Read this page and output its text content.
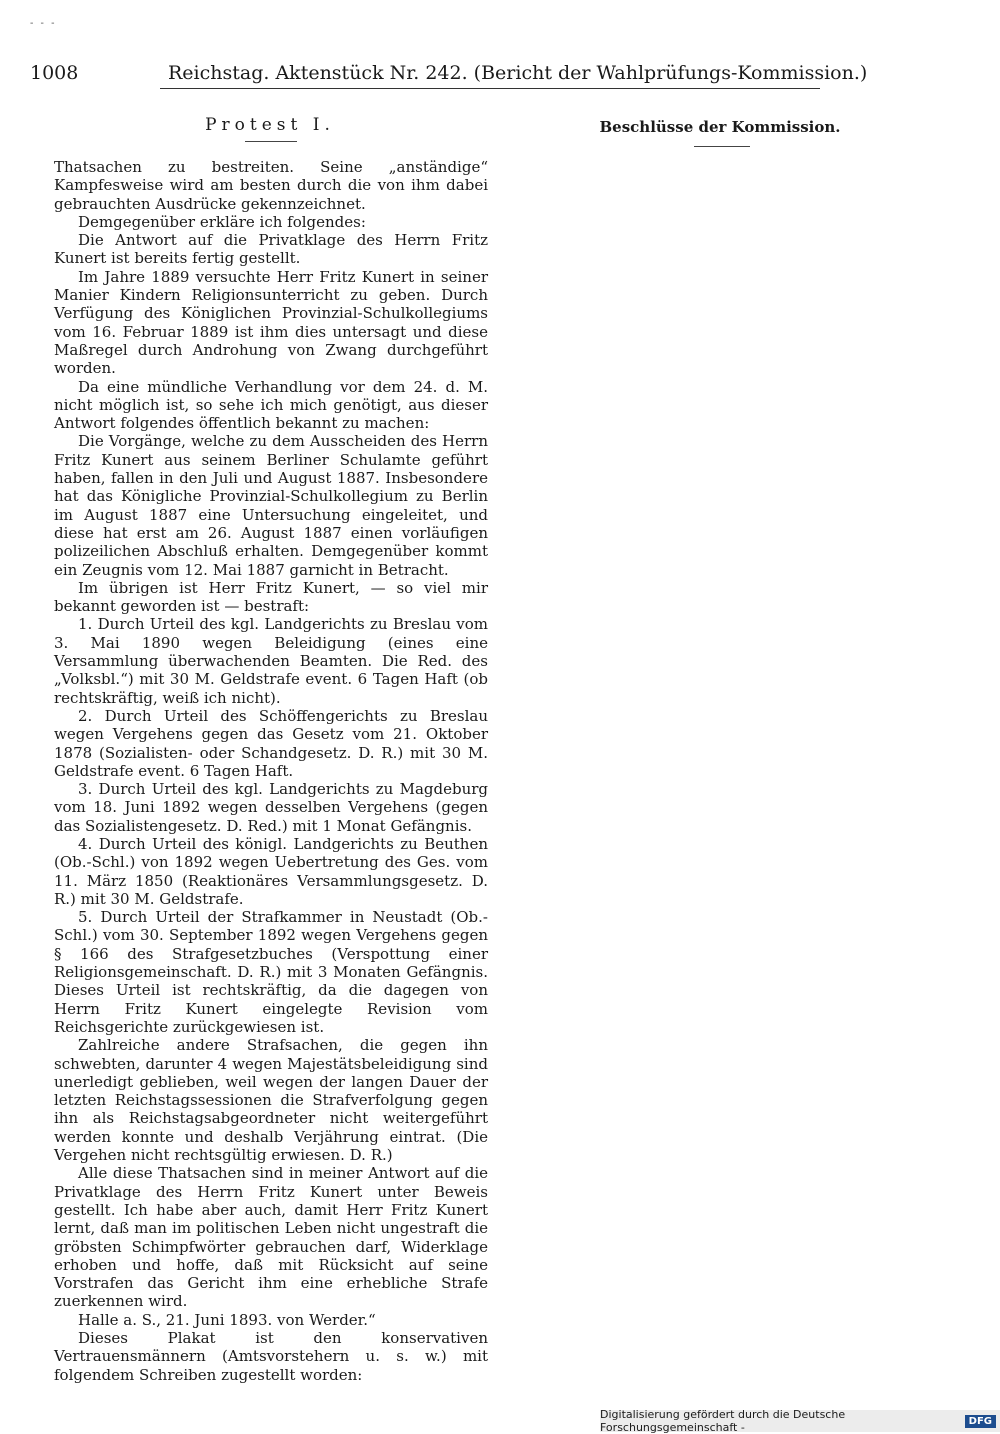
- - -
1008	Reichstag. Aktenstück Nr. 242. (Bericht der Wahlprüfungs-Kommission.)
Protest I.	Beschlüsse der Kommission.

Thatsachen zu bestreiten. Seine „anständige“ Kampfesweise wird am besten durch die von ihm dabei gebrauchten Ausdrücke gekennzeichnet.

Demgegenüber erkläre ich folgendes:

Die Antwort auf die Privatklage des Herrn Fritz Kunert ist bereits fertig gestellt.

Im Jahre 1889 versuchte Herr Fritz Kunert in seiner Manier Kindern Religionsunterricht zu geben. Durch Verfügung des Königlichen Provinzial-Schulkollegiums vom 16. Februar 1889 ist ihm dies untersagt und diese Maßregel durch Androhung von Zwang durchgeführt worden.

Da eine mündliche Verhandlung vor dem 24. d. M. nicht möglich ist, so sehe ich mich genötigt, aus dieser Antwort folgendes öffentlich bekannt zu machen:

Die Vorgänge, welche zu dem Ausscheiden des Herrn Fritz Kunert aus seinem Berliner Schulamte geführt haben, fallen in den Juli und August 1887. Insbesondere hat das Königliche Provinzial-Schulkollegium zu Berlin im August 1887 eine Untersuchung eingeleitet, und diese hat erst am 26. August 1887 einen vorläufigen polizeilichen Abschluß erhalten. Demgegenüber kommt ein Zeugnis vom 12. Mai 1887 garnicht in Betracht.

Im übrigen ist Herr Fritz Kunert, — so viel mir bekannt geworden ist — bestraft:

1. Durch Urteil des kgl. Landgerichts zu Breslau vom 3. Mai 1890 wegen Beleidigung (eines eine Versammlung überwachenden Beamten. Die Red. des „Volksbl.“) mit 30 M. Geldstrafe event. 6 Tagen Haft (ob rechtskräftig, weiß ich nicht).

2. Durch Urteil des Schöffengerichts zu Breslau wegen Vergehens gegen das Gesetz vom 21. Oktober 1878 (Sozialisten- oder Schandgesetz. D. R.) mit 30 M. Geldstrafe event. 6 Tagen Haft.

3. Durch Urteil des kgl. Landgerichts zu Magdeburg vom 18. Juni 1892 wegen desselben Vergehens (gegen das Sozialistengesetz. D. Red.) mit 1 Monat Gefängnis.

4. Durch Urteil des königl. Landgerichts zu Beuthen (Ob.-Schl.) von 1892 wegen Uebertretung des Ges. vom 11. März 1850 (Reaktionäres Versammlungsgesetz. D. R.) mit 30 M. Geldstrafe.

5. Durch Urteil der Strafkammer in Neustadt (Ob.-Schl.) vom 30. September 1892 wegen Vergehens gegen § 166 des Strafgesetzbuches (Verspottung einer Religionsgemeinschaft. D. R.) mit 3 Monaten Gefängnis. Dieses Urteil ist rechtskräftig, da die dagegen von Herrn Fritz Kunert eingelegte Revision vom Reichsgerichte zurückgewiesen ist.

Zahlreiche andere Strafsachen, die gegen ihn schwebten, darunter 4 wegen Majestätsbeleidigung sind unerledigt geblieben, weil wegen der langen Dauer der letzten Reichstagssessionen die Strafverfolgung gegen ihn als Reichstagsabgeordneter nicht weitergeführt werden konnte und deshalb Verjährung eintrat. (Die Vergehen nicht rechtsgültig erwiesen. D. R.)

Alle diese Thatsachen sind in meiner Antwort auf die Privatklage des Herrn Fritz Kunert unter Beweis gestellt. Ich habe aber auch, damit Herr Fritz Kunert lernt, daß man im politischen Leben nicht ungestraft die gröbsten Schimpfwörter gebrauchen darf, Widerklage erhoben und hoffe, daß mit Rücksicht auf seine Vorstrafen das Gericht ihm eine erhebliche Strafe zuerkennen wird.

Halle a. S., 21. Juni 1893. von Werder.“

Dieses Plakat ist den konservativen Vertrauensmännern (Amtsvorstehern u. s. w.) mit folgendem Schreiben zugestellt worden:

Digitalisierung gefördert durch die Deutsche Forschungsgemeinschaft -	DFG
